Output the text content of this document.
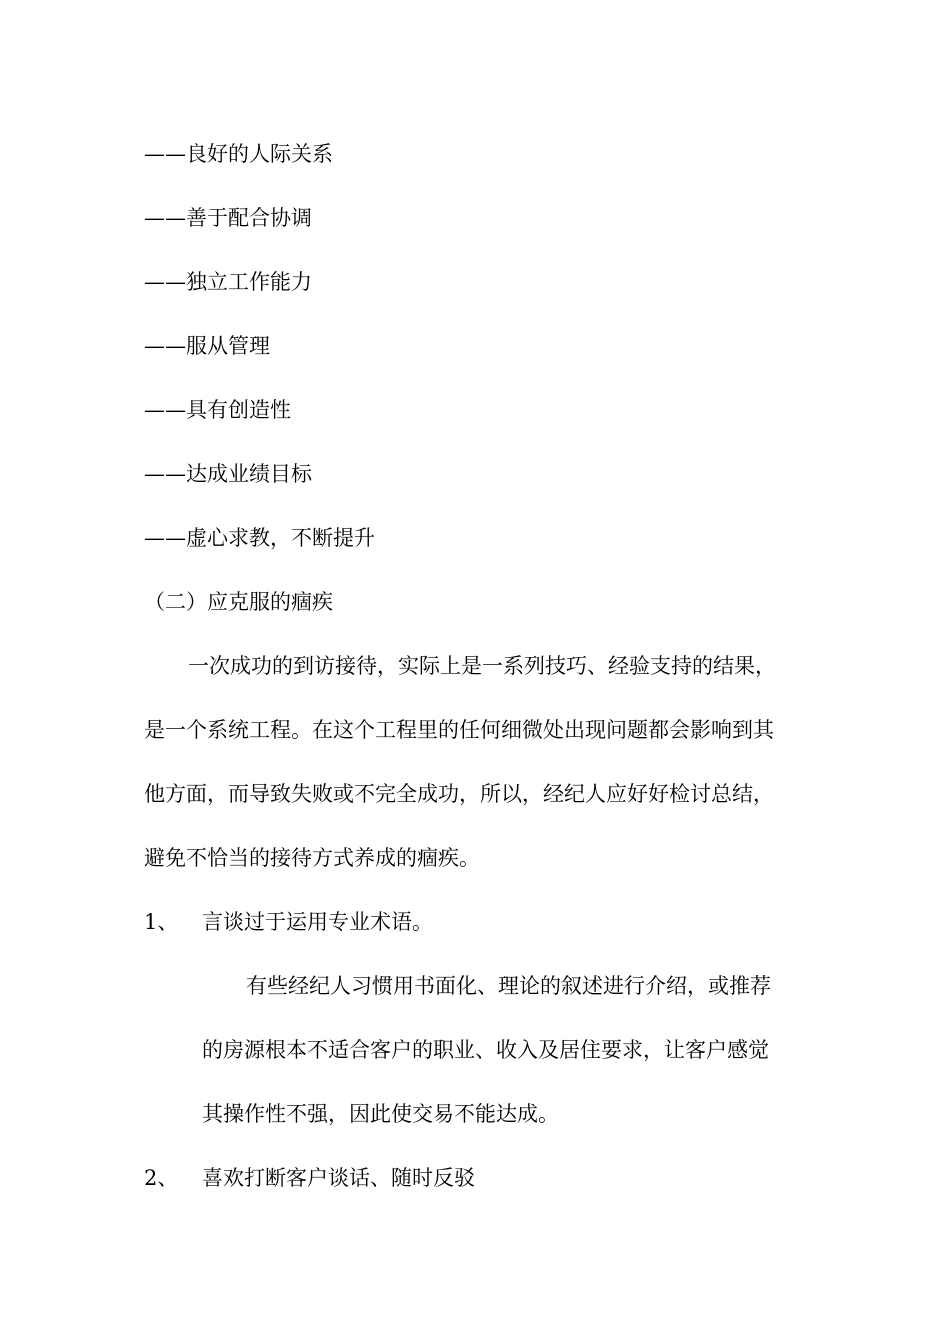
——良好的人际关系
——善于配合协调
——独立工作能力
——服从管理
——具有创造性
——达成业绩目标
——虚心求教，不断提升
（二）应克服的痼疾
一次成功的到访接待，实际上是一系列技巧、经验支持的结果，
是一个系统工程。在这个工程里的任何细微处出现问题都会影响到其
他方面，而导致失败或不完全成功，所以，经纪人应好好检讨总结，
避免不恰当的接待方式养成的痼疾。
1、 言谈过于运用专业术语。
有些经纪人习惯用书面化、理论的叙述进行介绍，或推荐
的房源根本不适合客户的职业、收入及居住要求，让客户感觉
其操作性不强，因此使交易不能达成。
2、 喜欢打断客户谈话、随时反驳
